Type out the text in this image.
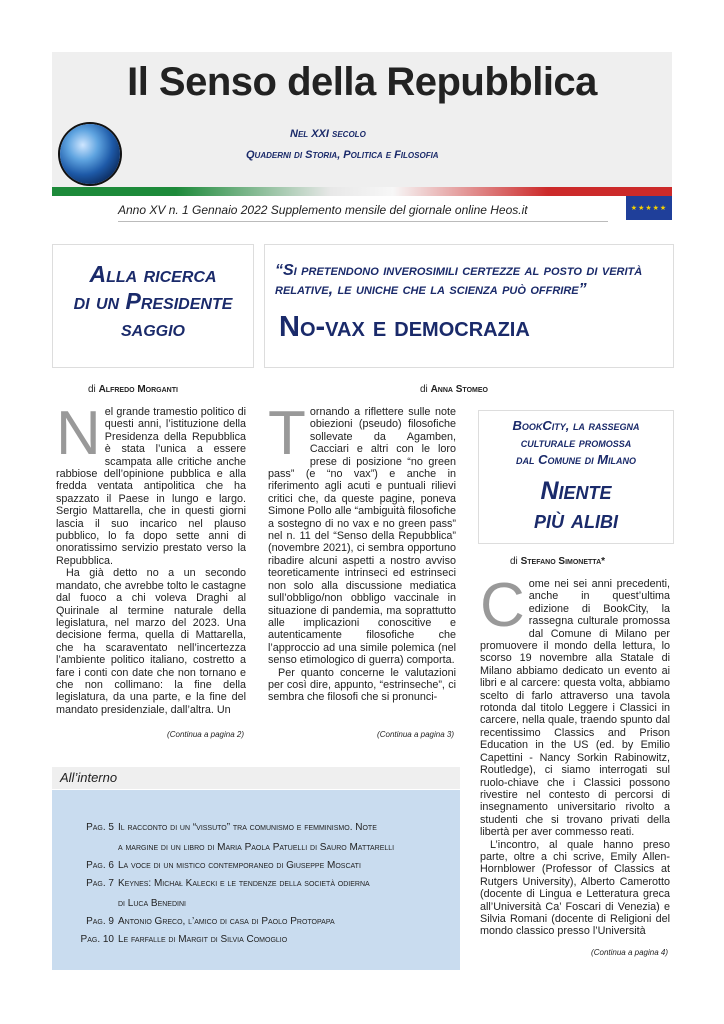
Il Senso della Repubblica
Nel XXI secolo
Quaderni di Storia, Politica e Filosofia
Anno XV n. 1 Gennaio 2022 Supplemento mensile del giornale online Heos.it	★★★★★
Alla ricerca
di un Presidente
saggio
“Si pretendono inverosimili certezze al posto di verità relative, le uniche che la scienza può offrire”
No-vax e democrazia
di Alfredo Morganti
N el grande tramestio politico di questi anni, l’istituzione della Presidenza della Repubblica è stata l’unica a essere scampata alle critiche anche rabbiose dell’opinione pubblica e alla fredda ventata antipolitica che ha spazzato il Paese in lungo e largo. Sergio Mattarella, che in questi giorni lascia il suo incarico nel plauso pubblico, lo fa dopo sette anni di onoratissimo servizio prestato verso la Repubblica.

Ha già detto no a un secondo mandato, che avrebbe tolto le castagne dal fuoco a chi voleva Draghi al Quirinale al termine naturale della legislatura, nel marzo del 2023. Una decisione ferma, quella di Mattarella, che ha scaraventato nell’incertezza l’ambiente politico italiano, costretto a fare i conti con date che non tornano e che non collimano: la fine della legislatura, da una parte, e la fine del mandato presidenziale, dall’altra. Un

(Continua a pagina 2)
di Anna Stomeo
T ornando a riflettere sulle note obiezioni (pseudo) filosofiche sollevate da Agamben, Cacciari e altri con le loro prese di posizione “no green pass” (e “no vax”) e anche in riferimento agli acuti e puntuali rilievi critici che, da queste pagine, poneva Simone Pollo alle “ambiguità filosofiche a sostegno di no vax e no green pass” nel n. 11 del “Senso della Repubblica” (novembre 2021), ci sembra opportuno ribadire alcuni aspetti a nostro avviso teoreticamente intrinseci ed estrinseci non solo alla discussione mediatica sull’obbligo/non obbligo vaccinale in situazione di pandemia, ma soprattutto alle implicazioni conoscitive e autenticamente filosofiche che l’approccio ad una simile polemica (nel senso etimologico di guerra) comporta.

Per quanto concerne le valutazioni per così dire, appunto, “estrinseche”, ci sembra che filosofi che si pronunci-

(Continua a pagina 3)
BookCity, la rassegna
culturale promossa
dal Comune di Milano
Niente
più alibi
di Stefano Simonetta*
C ome nei sei anni precedenti, anche in quest’ultima edizione di BookCity, la rassegna culturale promossa dal Comune di Milano per promuovere il mondo della lettura, lo scorso 19 novembre alla Statale di Milano abbiamo dedicato un evento ai libri e al carcere: questa volta, abbiamo scelto di farlo attraverso una tavola rotonda dal titolo Leggere i Classici in carcere, nella quale, traendo spunto dal recentissimo Classics and Prison Education in the US (ed. by Emilio Capettini - Nancy Sorkin Rabinowitz, Routledge), ci siamo interrogati sul ruolo-chiave che i Classici possono rivestire nel contesto di percorsi di insegnamento universitario rivolto a studenti che si trovano privati della libertà per aver commesso reati.

L’incontro, al quale hanno preso parte, oltre a chi scrive, Emily Allen-Hornblower (Professor of Classics at Rutgers University), Alberto Camerotto (docente di Lingua e Letteratura greca all’Università Ca’ Foscari di Venezia) e Silvia Romani (docente di Religioni del mondo classico presso l’Università

(Continua a pagina 4)
All’interno
Pag. 5 Il racconto di un “vissuto” tra comunismo e femminismo. Note
a margine di un libro di Maria Paola Patuelli di Sauro Mattarelli
Pag. 6 La voce di un mistico contemporaneo di Giuseppe Moscati
Pag. 7 Keynes: Michał Kalecki e le tendenze della società odierna
di Luca Benedini
Pag. 9 Antonio Greco, l’amico di casa di Paolo Protopapa
Pag. 10 Le farfalle di Margit di Silvia Comoglio
